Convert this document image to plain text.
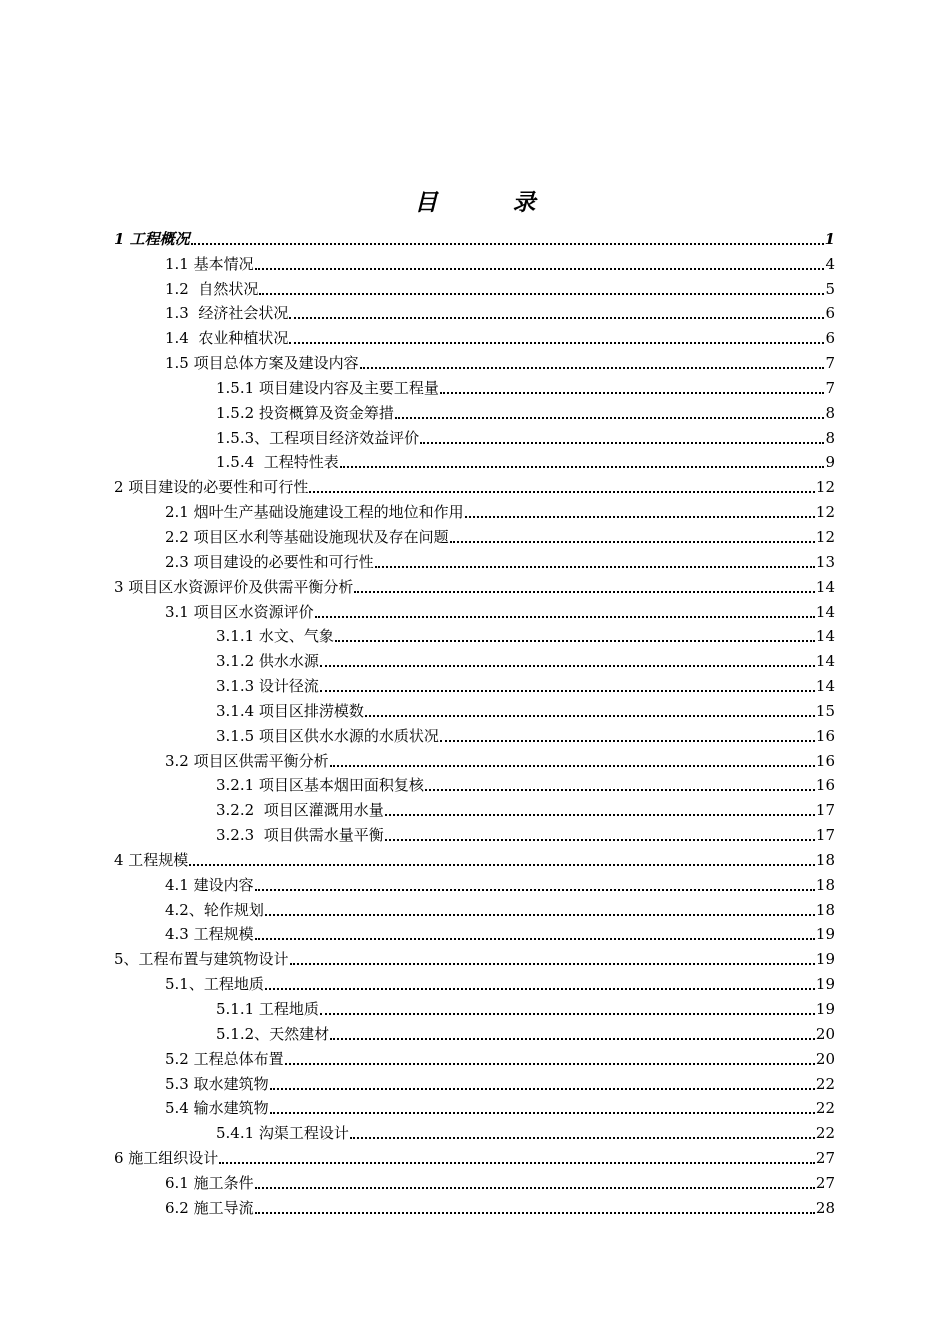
目　录
1 工程概况	1
1.1 基本情况	4
1.2  自然状况	5
1.3  经济社会状况	6
1.4  农业种植状况	6
1.5 项目总体方案及建设内容	7
1.5.1 项目建设内容及主要工程量	7
1.5.2 投资概算及资金筹措	8
1.5.3、工程项目经济效益评价	8
1.5.4  工程特性表	9
2 项目建设的必要性和可行性	12
2.1 烟叶生产基础设施建设工程的地位和作用	12
2.2 项目区水利等基础设施现状及存在问题	12
2.3 项目建设的必要性和可行性	13
3 项目区水资源评价及供需平衡分析	14
3.1 项目区水资源评价	14
3.1.1 水文、气象	14
3.1.2 供水水源	14
3.1.3 设计径流	14
3.1.4 项目区排涝模数	15
3.1.5 项目区供水水源的水质状况	16
3.2 项目区供需平衡分析	16
3.2.1 项目区基本烟田面积复核	16
3.2.2  项目区灌溉用水量	17
3.2.3  项目供需水量平衡	17
4 工程规模	18
4.1 建设内容	18
4.2、轮作规划	18
4.3 工程规模	19
5、工程布置与建筑物设计	19
5.1、工程地质	19
5.1.1 工程地质	19
5.1.2、天然建材	20
5.2 工程总体布置	20
5.3 取水建筑物	22
5.4 输水建筑物	22
5.4.1 沟渠工程设计	22
6 施工组织设计	27
6.1 施工条件	27
6.2 施工导流	28
